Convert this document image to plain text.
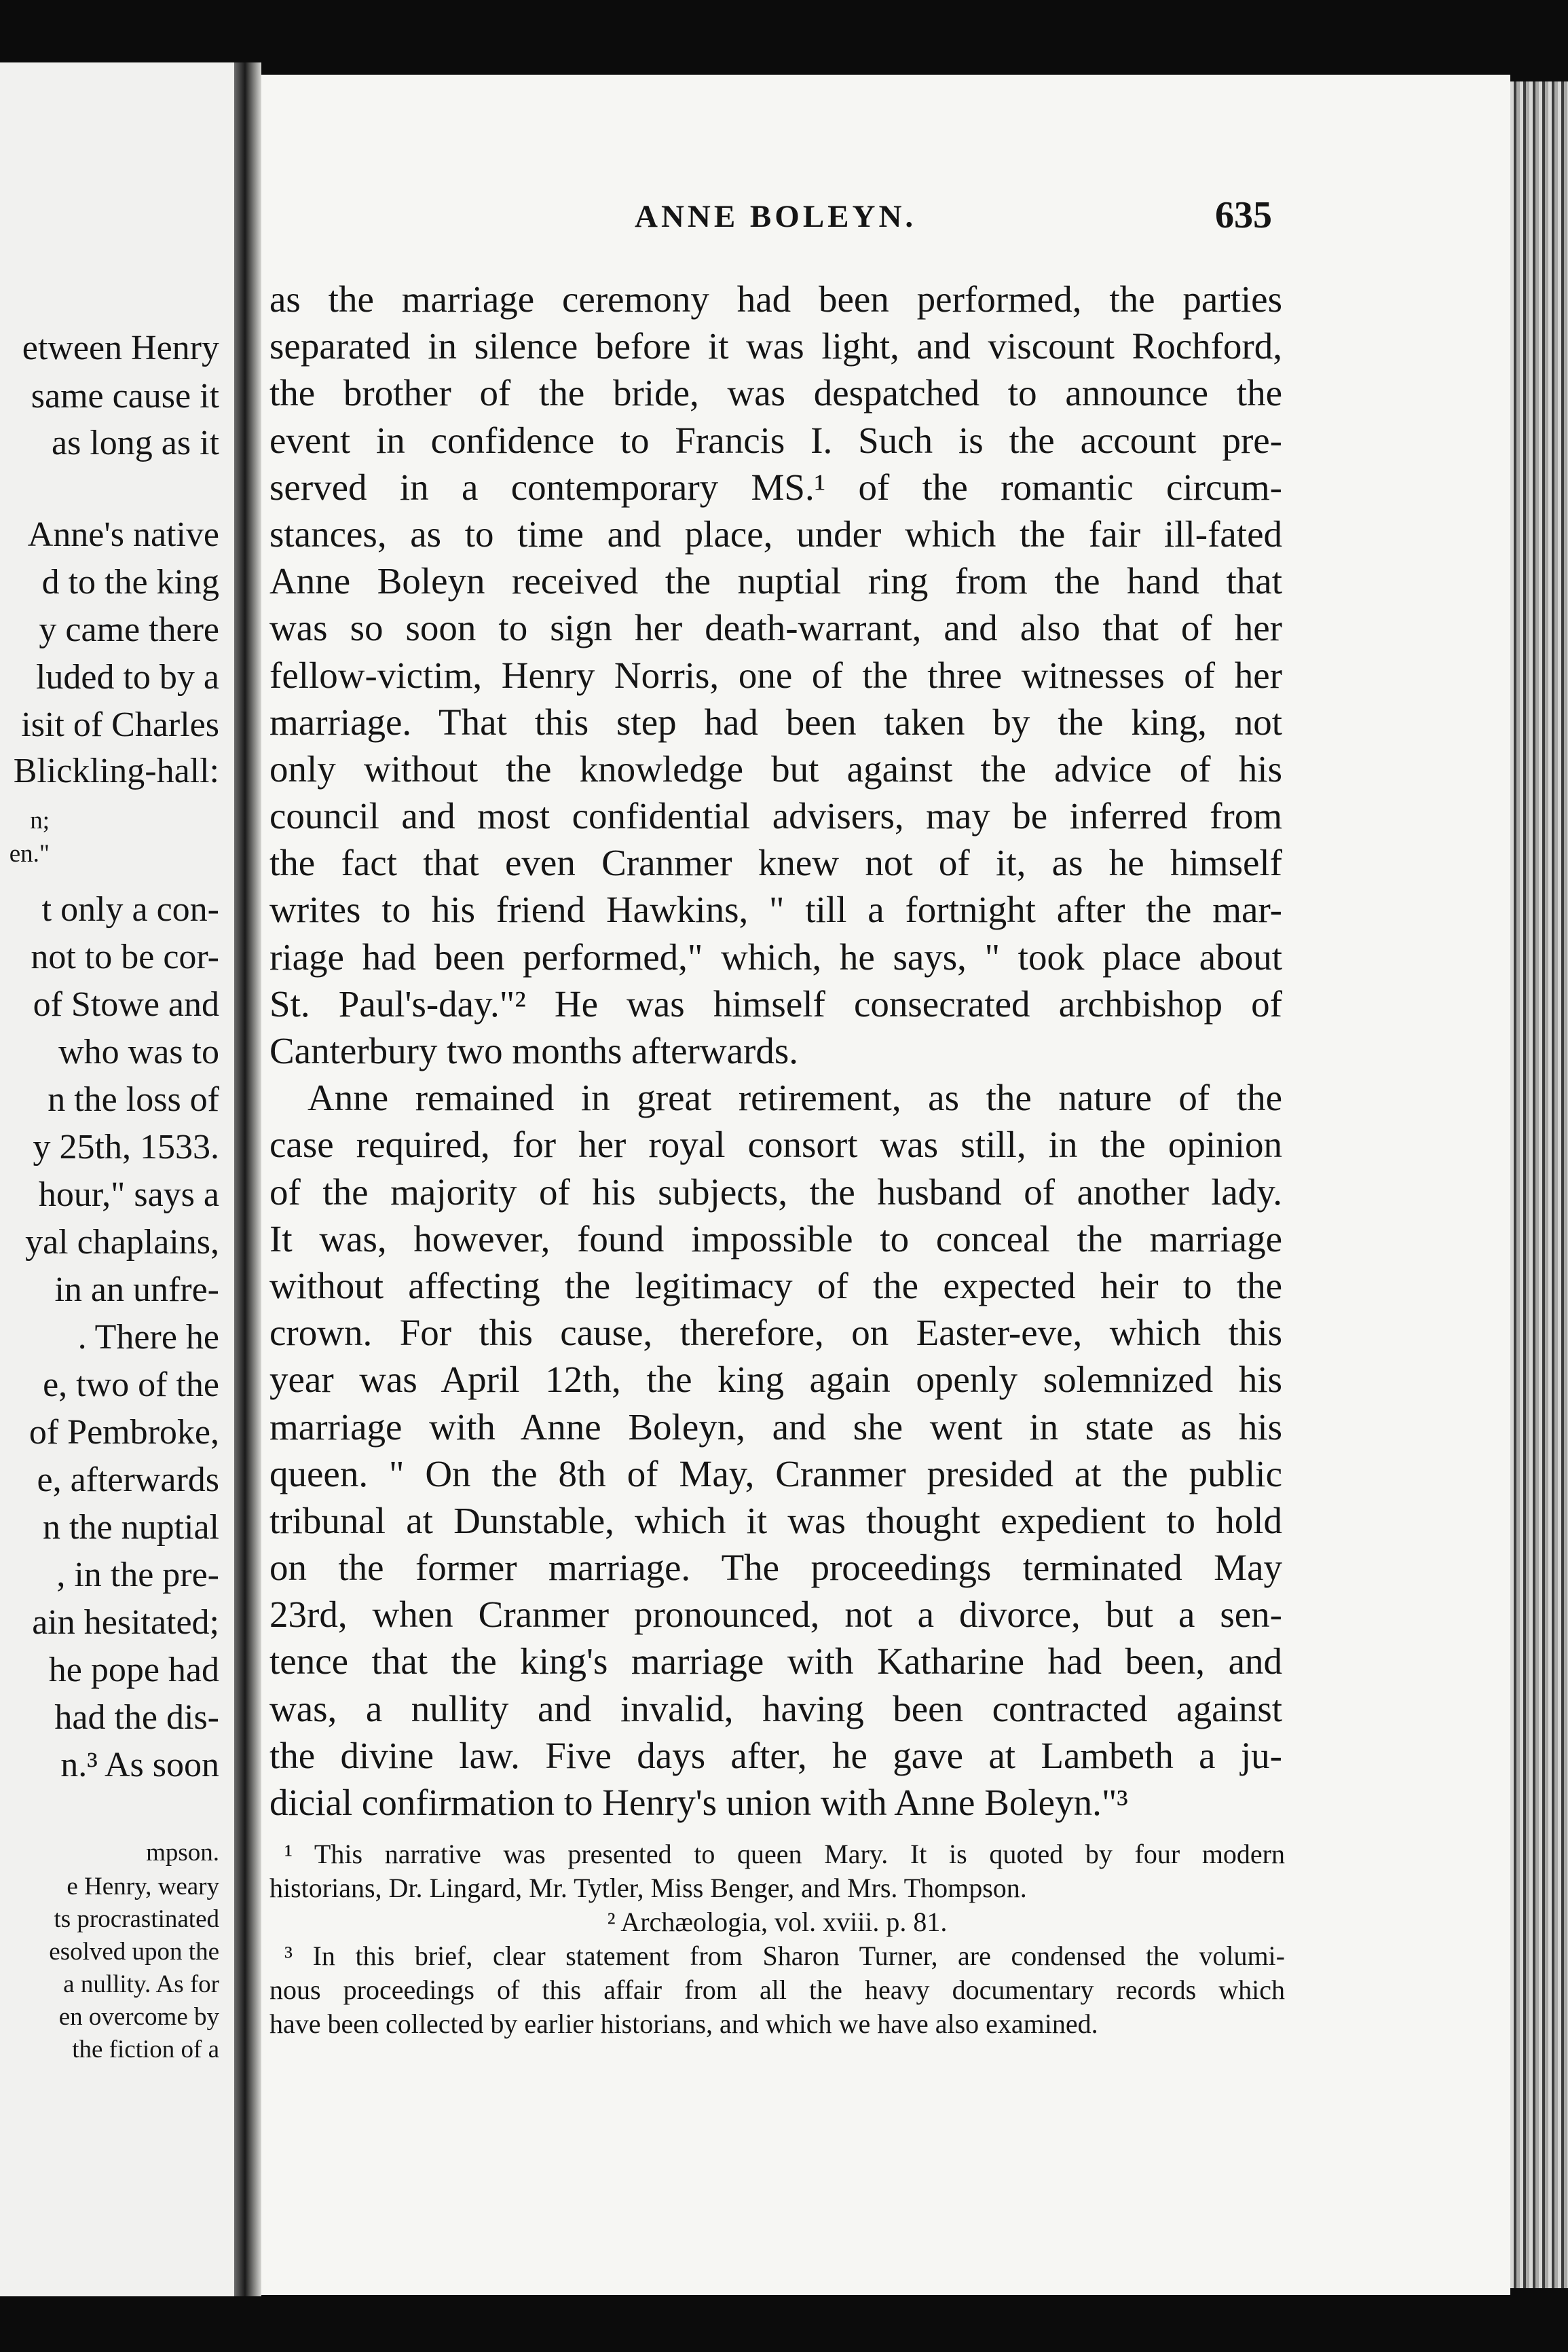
etween Henry
same cause it
as long as it
Anne's native
d to the king
y came there
luded to by a
isit of Charles
Blickling-hall:
n;
en."
t only a con-
not to be cor-
of Stowe and
who was to
n the loss of
y 25th, 1533.
hour," says a
yal chaplains,
in an unfre-
. There he
e, two of the
of Pembroke,
e, afterwards
n the nuptial
, in the pre-
ain hesitated;
he pope had
had the dis-
n.³ As soon
mpson.
e Henry, weary
ts procrastinated
esolved upon the
a nullity. As for
en overcome by
the fiction of a
ANNE BOLEYN.	635
as the marriage ceremony had been performed, the parties
separated in silence before it was light, and viscount Rochford,
the brother of the bride, was despatched to announce the
event in confidence to Francis I. Such is the account pre-
served in a contemporary MS.¹ of the romantic circum-
stances, as to time and place, under which the fair ill-fated
Anne Boleyn received the nuptial ring from the hand that
was so soon to sign her death-warrant, and also that of her
fellow-victim, Henry Norris, one of the three witnesses of her
marriage. That this step had been taken by the king, not
only without the knowledge but against the advice of his
council and most confidential advisers, may be inferred from
the fact that even Cranmer knew not of it, as he himself
writes to his friend Hawkins, " till a fortnight after the mar-
riage had been performed," which, he says, " took place about
St. Paul's-day."² He was himself consecrated archbishop of
Canterbury two months afterwards.
Anne remained in great retirement, as the nature of the
case required, for her royal consort was still, in the opinion
of the majority of his subjects, the husband of another lady.
It was, however, found impossible to conceal the marriage
without affecting the legitimacy of the expected heir to the
crown. For this cause, therefore, on Easter-eve, which this
year was April 12th, the king again openly solemnized his
marriage with Anne Boleyn, and she went in state as his
queen. " On the 8th of May, Cranmer presided at the public
tribunal at Dunstable, which it was thought expedient to hold
on the former marriage. The proceedings terminated May
23rd, when Cranmer pronounced, not a divorce, but a sen-
tence that the king's marriage with Katharine had been, and
was, a nullity and invalid, having been contracted against
the divine law. Five days after, he gave at Lambeth a ju-
dicial confirmation to Henry's union with Anne Boleyn."³
¹ This narrative was presented to queen Mary. It is quoted by four modern
historians, Dr. Lingard, Mr. Tytler, Miss Benger, and Mrs. Thompson.
² Archæologia, vol. xviii. p. 81.
³ In this brief, clear statement from Sharon Turner, are condensed the volumi-
nous proceedings of this affair from all the heavy documentary records which
have been collected by earlier historians, and which we have also examined.
